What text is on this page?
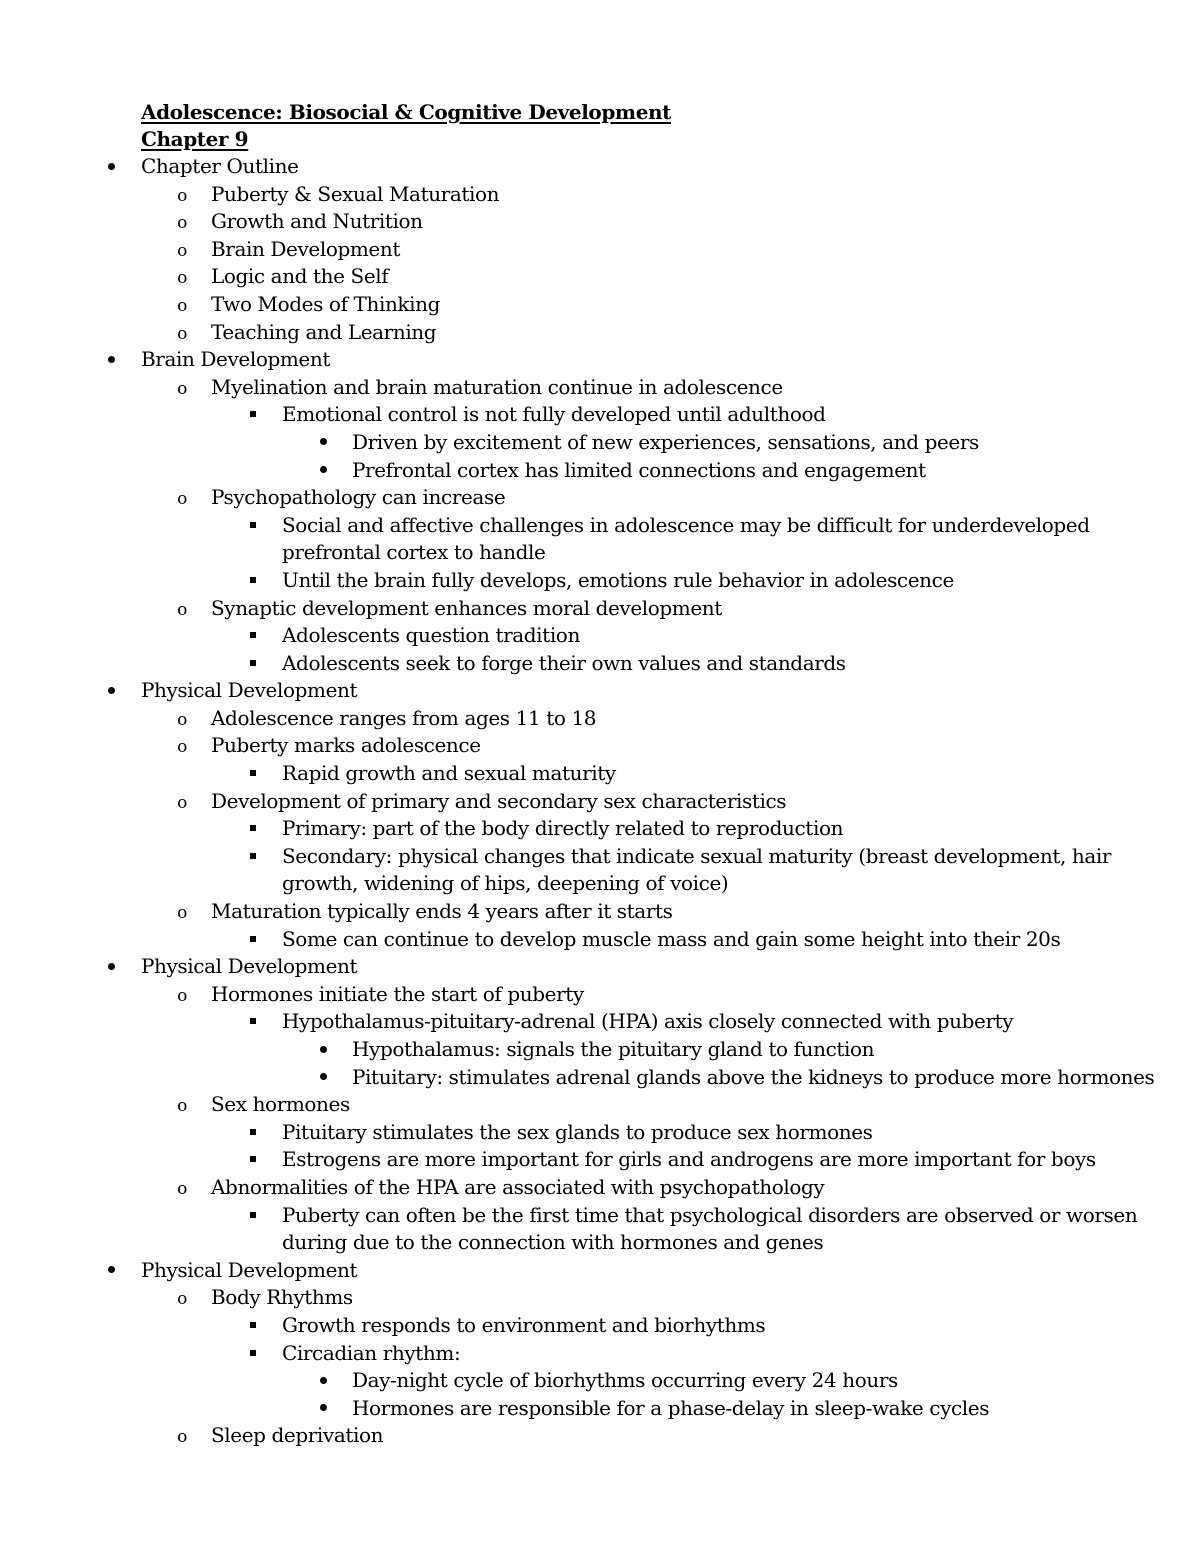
Adolescence: Biosocial & Cognitive Development
Chapter 9
Chapter Outline
o Puberty & Sexual Maturation
o Growth and Nutrition
o Brain Development
o Logic and the Self
o Two Modes of Thinking
o Teaching and Learning
Brain Development
o Myelination and brain maturation continue in adolescence
Emotional control is not fully developed until adulthood
Driven by excitement of new experiences, sensations, and peers
Prefrontal cortex has limited connections and engagement
o Psychopathology can increase
Social and affective challenges in adolescence may be difficult for underdeveloped
prefrontal cortex to handle
Until the brain fully develops, emotions rule behavior in adolescence
o Synaptic development enhances moral development
Adolescents question tradition
Adolescents seek to forge their own values and standards
Physical Development
o Adolescence ranges from ages 11 to 18
o Puberty marks adolescence
Rapid growth and sexual maturity
o Development of primary and secondary sex characteristics
Primary: part of the body directly related to reproduction
Secondary: physical changes that indicate sexual maturity (breast development, hair
growth, widening of hips, deepening of voice)
o Maturation typically ends 4 years after it starts
Some can continue to develop muscle mass and gain some height into their 20s
Physical Development
o Hormones initiate the start of puberty
Hypothalamus-pituitary-adrenal (HPA) axis closely connected with puberty
Hypothalamus: signals the pituitary gland to function
Pituitary: stimulates adrenal glands above the kidneys to produce more hormones
o Sex hormones
Pituitary stimulates the sex glands to produce sex hormones
Estrogens are more important for girls and androgens are more important for boys
o Abnormalities of the HPA are associated with psychopathology
Puberty can often be the first time that psychological disorders are observed or worsen
during due to the connection with hormones and genes
Physical Development
o Body Rhythms
Growth responds to environment and biorhythms
Circadian rhythm:
Day-night cycle of biorhythms occurring every 24 hours
Hormones are responsible for a phase-delay in sleep-wake cycles
o Sleep deprivation
